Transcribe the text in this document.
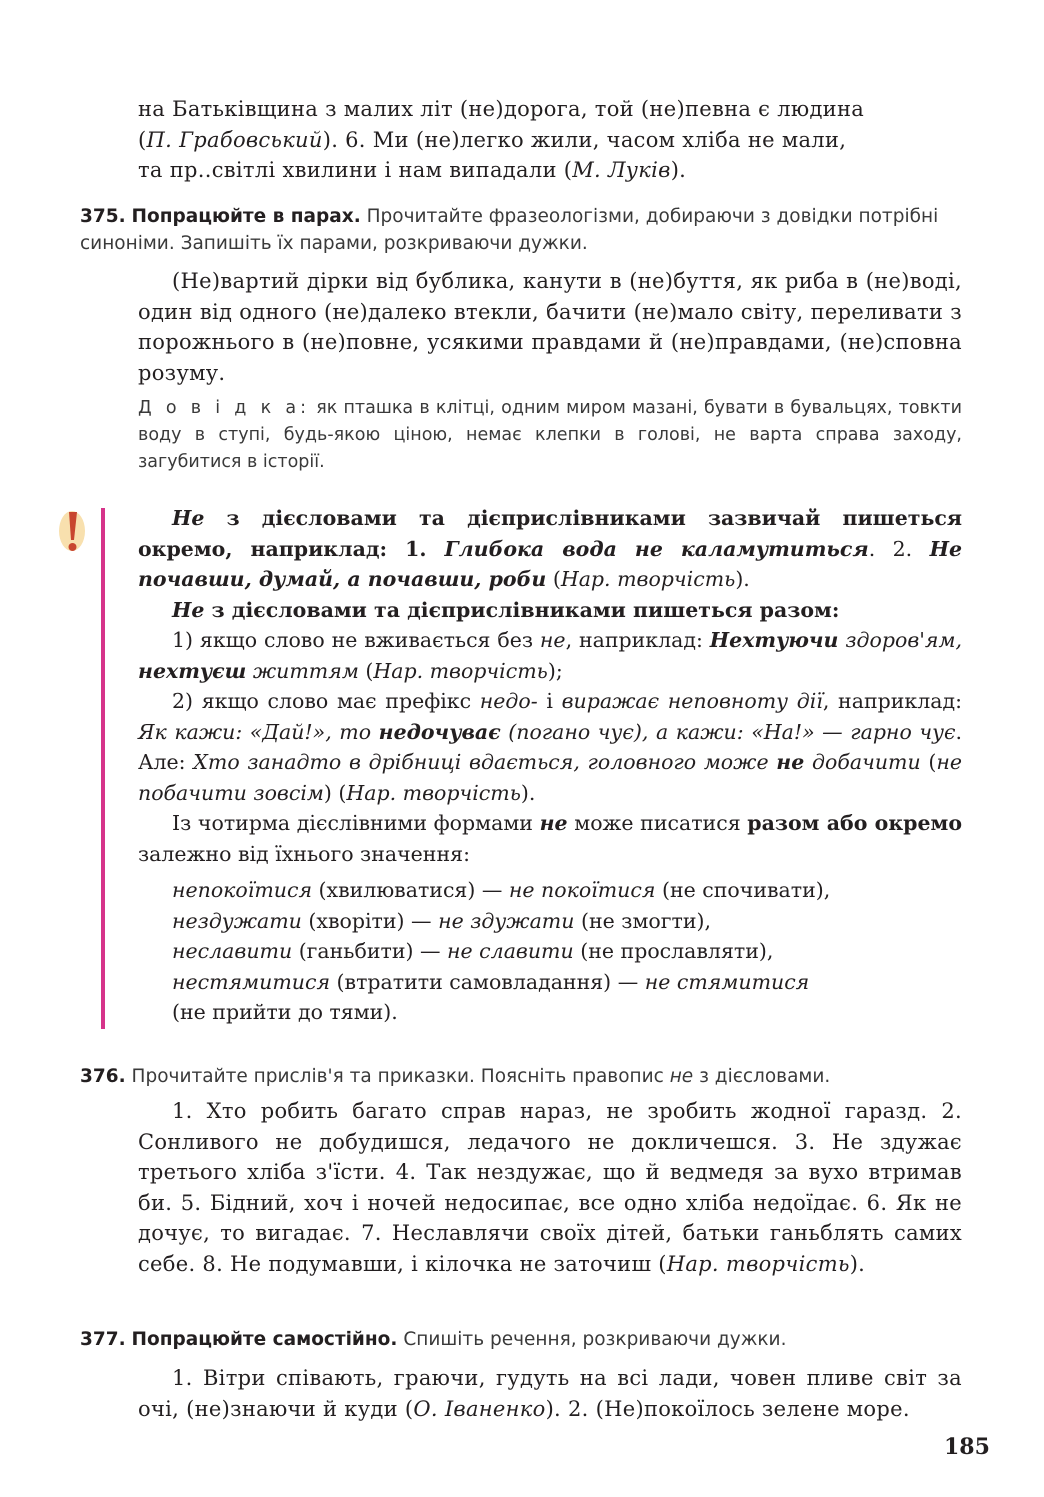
на Батьківщина з малих літ (не)дорога, той (не)певна є людина
(П. Грабовський). 6. Ми (не)легко жили, часом хліба не мали,
та пр..світлі хвилини і нам випадали (М. Луків).
375. Попрацюйте в парах. Прочитайте фразеологізми, добираючи з довідки потрібні синоніми. Запишіть їх парами, розкриваючи дужки.
(Не)вартий дірки від бублика, канути в (не)буття, як риба в (не)воді, один від одного (не)далеко втекли, бачити (не)мало світу, переливати з порожнього в (не)повне, усякими правдами й (не)правдами, (не)сповна розуму.
Д о в і д к а: як пташка в клітці, одним миром мазані, бувати в бувальцях, товкти воду в ступі, будь-якою ціною, немає клепки в голові, не варта справа заходу, загубитися в історії.

Не з дієсловами та дієприслівниками зазвичай пишеться окремо, наприклад: 1. Глибока вода не каламутиться. 2. Не почавши, думай, а почавши, роби (Нар. творчість).

Не з дієсловами та дієприслівниками пишеться разом:

1) якщо слово не вживається без не, наприклад: Нехтуючи здоров'ям, нехтуєш життям (Нар. творчість);

2) якщо слово має префікс недо- і виражає неповноту дії, наприклад: Як кажи: «Дай!», то недочуває (погано чує), а кажи: «На!» — гарно чує. Але: Хто занадто в дрібниці вдається, головного може не добачити (не побачити зовсім) (Нар. творчість).

Із чотирма дієслівними формами не може писатися разом або окремо залежно від їхнього значення:

непокоїтися (хвилюватися) — не покоїтися (не спочивати),
нездужати (хворіти) — не здужати (не змогти),
неславити (ганьбити) — не славити (не прославляти),
нестямитися (втратити самовладання) — не стямитися
(не прийти до тями).
376. Прочитайте прислів'я та приказки. Поясніть правопис не з дієсловами.
1. Хто робить багато справ нараз, не зробить жодної гаразд. 2. Сонливого не добудишся, ледачого не докличешся. 3. Не здужає третього хліба з'їсти. 4. Так нездужає, що й ведмедя за вухо втримав би. 5. Бідний, хоч і ночей недосипає, все одно хліба недоїдає. 6. Як не дочує, то вигадає. 7. Неславлячи своїх дітей, батьки ганьблять самих себе. 8. Не подумавши, і кілочка не заточиш (Нар. творчість).
377. Попрацюйте самостійно. Спишіть речення, розкриваючи дужки.
1. Вітри співають, граючи, гудуть на всі лади, човен пливе світ за очі, (не)знаючи й куди (О. Іваненко). 2. (Не)покоїлось зелене море.
185
